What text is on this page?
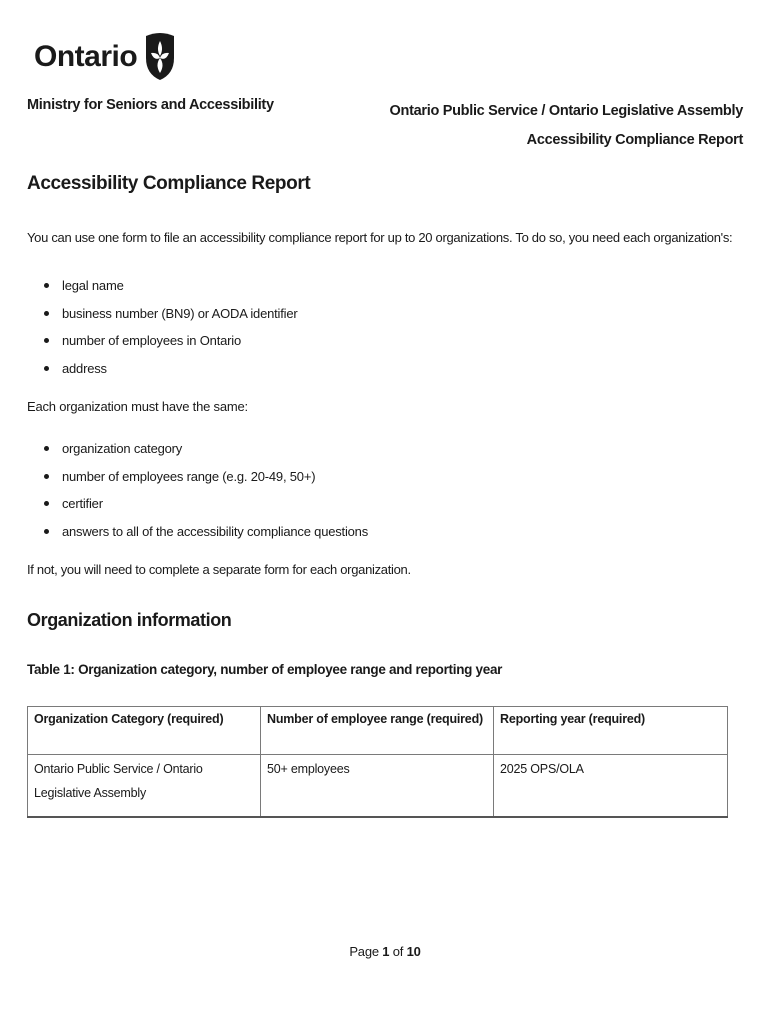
Ontario
Ministry for Seniors and Accessibility	Ontario Public Service / Ontario Legislative Assembly
Accessibility Compliance Report
Accessibility Compliance Report

You can use one form to file an accessibility compliance report for up to 20 organizations. To do so, you need each organization's:

legal name
business number (BN9) or AODA identifier
number of employees in Ontario
address

Each organization must have the same:

organization category
number of employees range (e.g. 20-49, 50+)
certifier
answers to all of the accessibility compliance questions

If not, you will need to complete a separate form for each organization.

Organization information

Table 1: Organization category, number of employee range and reporting year

Organization Category (required)	Number of employee range (required)	Reporting year (required)
Ontario Public Service / Ontario Legislative Assembly	50+ employees	2025 OPS/OLA
Page 1 of 10
